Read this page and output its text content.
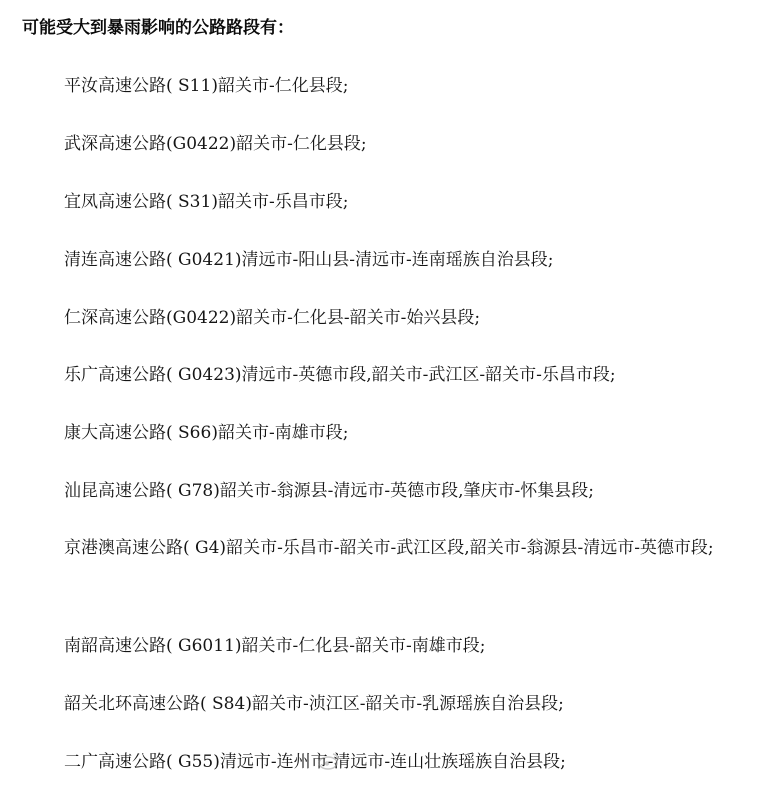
可能受大到暴雨影响的公路路段有：
平汝高速公路( S11)韶关市-仁化县段;
武深高速公路(G0422)韶关市-仁化县段;
宜凤高速公路( S31)韶关市-乐昌市段;
清连高速公路( G0421)清远市-阳山县-清远市-连南瑶族自治县段;
仁深高速公路(G0422)韶关市-仁化县-韶关市-始兴县段;
乐广高速公路( G0423)清远市-英德市段,韶关市-武江区-韶关市-乐昌市段;
康大高速公路( S66)韶关市-南雄市段;
汕昆高速公路( G78)韶关市-翁源县-清远市-英德市段,肇庆市-怀集县段;
京港澳高速公路( G4)韶关市-乐昌市-韶关市-武江区段,韶关市-翁源县-清远市-英德市段;
南韶高速公路( G6011)韶关市-仁化县-韶关市-南雄市段;
韶关北环高速公路( S84)韶关市-浈江区-韶关市-乳源瑶族自治县段;
二广高速公路( G55)清远市-连州市-清远市-连山壮族瑶族自治县段;
